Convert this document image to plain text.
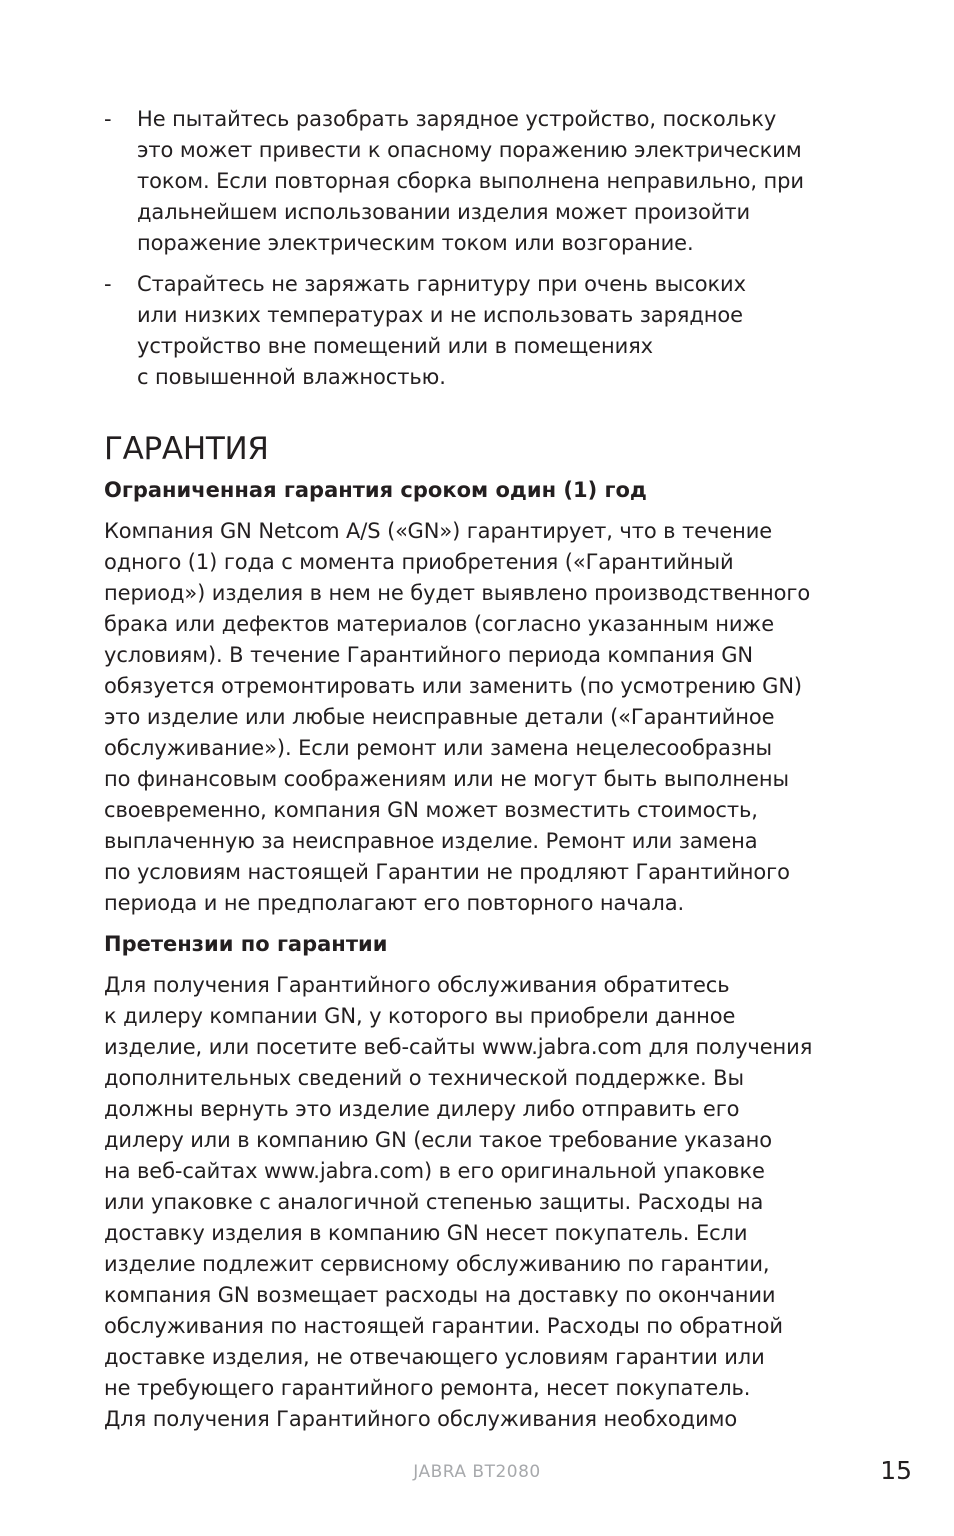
- Не пытайтесь разобрать зарядное устройство, поскольку
это может привести к опасному поражению электрическим
током. Если повторная сборка выполнена неправильно, при
дальнейшем использовании изделия может произойти
поражение электрическим током или возгорание.
- Старайтесь не заряжать гарнитуру при очень высоких
или низких температурах и не использовать зарядное
устройство вне помещений или в помещениях
с повышенной влажностью.
ГАРАНТИЯ
Ограниченная гарантия сроком один (1) год
Компания GN Netcom A/S («GN») гарантирует, что в течение
одного (1) года с момента приобретения («Гарантийный
период») изделия в нем не будет выявлено производственного
брака или дефектов материалов (согласно указанным ниже
условиям). В течение Гарантийного периода компания GN
обязуется отремонтировать или заменить (по усмотрению GN)
это изделие или любые неисправные детали («Гарантийное
обслуживание»). Если ремонт или замена нецелесообразны
по финансовым соображениям или не могут быть выполнены
своевременно, компания GN может возместить стоимость,
выплаченную за неисправное изделие. Ремонт или замена
по условиям настоящей Гарантии не продляют Гарантийного
периода и не предполагают его повторного начала.
Претензии по гарантии
Для получения Гарантийного обслуживания обратитесь
к дилеру компании GN, у которого вы приобрели данное
изделие, или посетите веб-сайты www.jabra.com для получения
дополнительных сведений о технической поддержке. Вы
должны вернуть это изделие дилеру либо отправить его
дилеру или в компанию GN (если такое требование указано
на веб-сайтах www.jabra.com) в его оригинальной упаковке
или упаковке с аналогичной степенью защиты. Расходы на
доставку изделия в компанию GN несет покупатель. Если
изделие подлежит сервисному обслуживанию по гарантии,
компания GN возмещает расходы на доставку по окончании
обслуживания по настоящей гарантии. Расходы по обратной
доставке изделия, не отвечающего условиям гарантии или
не требующего гарантийного ремонта, несет покупатель.
Для получения Гарантийного обслуживания необходимо
JABRA BT2080	15
